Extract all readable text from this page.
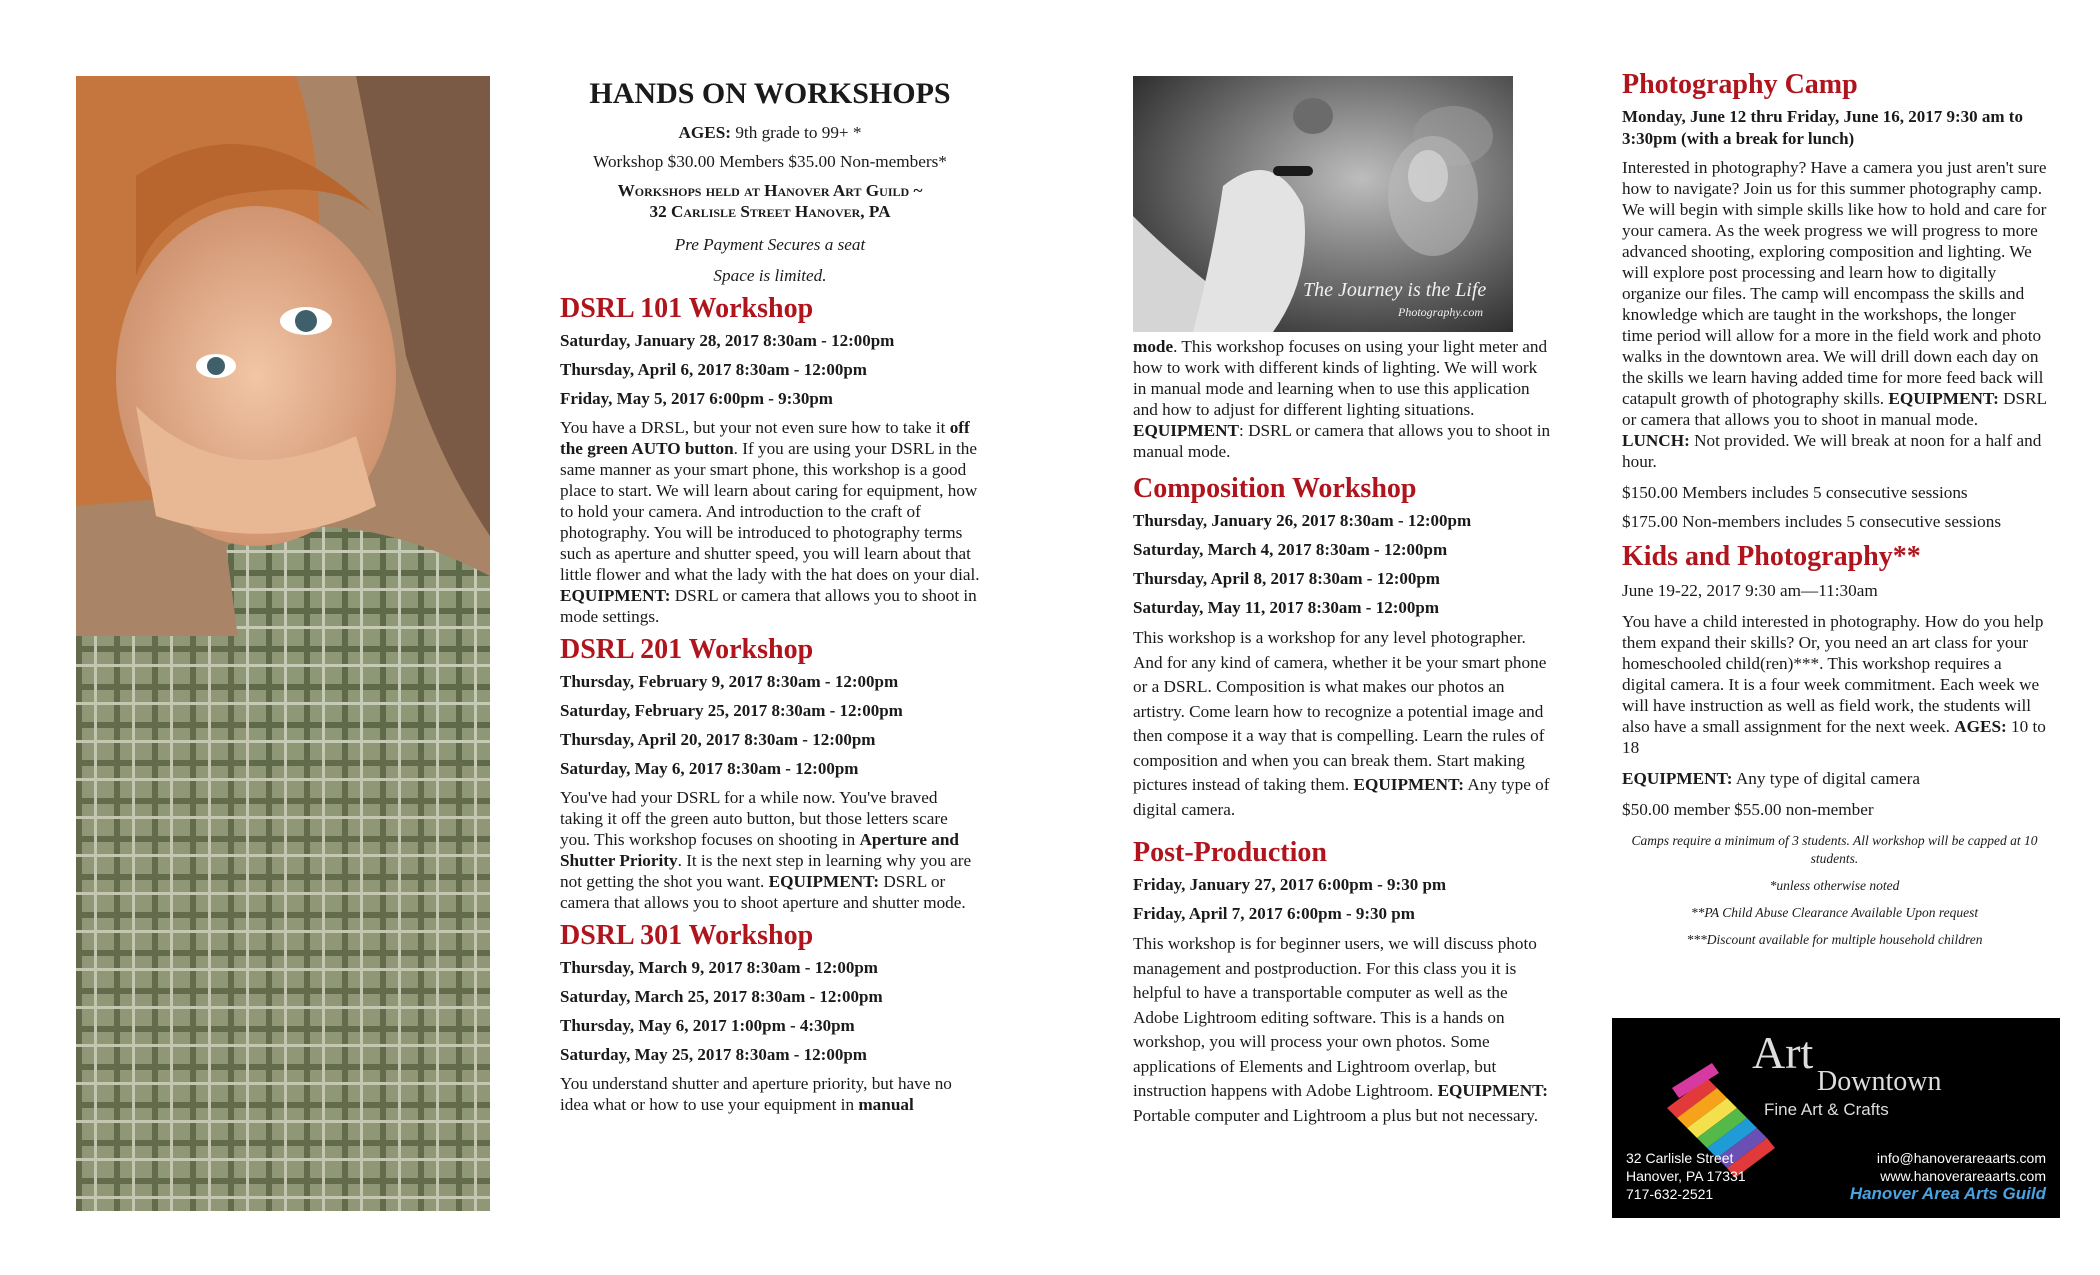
HANDS ON WORKSHOPS

AGES: 9th grade to 99+ *

Workshop $30.00 Members $35.00 Non-members*

Workshops held at Hanover Art Guild ~

32 Carlisle Street Hanover, PA

Pre Payment Secures a seat

Space is limited.

DSRL 101 Workshop
Saturday, January 28, 2017 8:30am - 12:00pm
Thursday, April 6, 2017 8:30am - 12:00pm
Friday, May 5, 2017 6:00pm - 9:30pm
You have a DRSL, but your not even sure how to take it off the green AUTO button. If you are using your DSRL in the same manner as your smart phone, this workshop is a good place to start. We will learn about caring for equipment, how to hold your camera. And introduction to the craft of photography. You will be introduced to photography terms such as aperture and shutter speed, you will learn about that little flower and what the lady with the hat does on your dial. EQUIPMENT: DSRL or camera that allows you to shoot in mode settings.
DSRL 201 Workshop
Thursday, February 9, 2017 8:30am - 12:00pm
Saturday, February 25, 2017 8:30am - 12:00pm
Thursday, April 20, 2017 8:30am - 12:00pm
Saturday, May 6, 2017 8:30am - 12:00pm
You've had your DSRL for a while now. You've braved taking it off the green auto button, but those letters scare you. This workshop focuses on shooting in Aperture and Shutter Priority. It is the next step in learning why you are not getting the shot you want. EQUIPMENT: DSRL or camera that allows you to shoot aperture and shutter mode.
DSRL 301 Workshop
Thursday, March 9, 2017 8:30am - 12:00pm
Saturday, March 25, 2017 8:30am - 12:00pm
Thursday, May 6, 2017 1:00pm - 4:30pm
Saturday, May 25, 2017 8:30am - 12:00pm
You understand shutter and aperture priority, but have no idea what or how to use your equipment in manual
The Journey is the Life
Photography.com
mode. This workshop focuses on using your light meter and how to work with different kinds of lighting. We will work in manual mode and learning when to use this application and how to adjust for different lighting situations. EQUIPMENT: DSRL or camera that allows you to shoot in manual mode.
Composition Workshop
Thursday, January 26, 2017 8:30am - 12:00pm
Saturday, March 4, 2017 8:30am - 12:00pm
Thursday, April 8, 2017 8:30am - 12:00pm
Saturday, May 11, 2017 8:30am - 12:00pm
This workshop is a workshop for any level photographer. And for any kind of camera, whether it be your smart phone or a DSRL. Composition is what makes our photos an artistry. Come learn how to recognize a potential image and then compose it a way that is compelling. Learn the rules of composition and when you can break them. Start making pictures instead of taking them. EQUIPMENT: Any type of digital camera.
Post-Production
Friday, January 27, 2017 6:00pm - 9:30 pm
Friday, April 7, 2017 6:00pm - 9:30 pm
This workshop is for beginner users, we will discuss photo management and postproduction. For this class you it is helpful to have a transportable computer as well as the Adobe Lightroom editing software. This is a hands on workshop, you will process your own photos. Some applications of Elements and Lightroom overlap, but instruction happens with Adobe Lightroom. EQUIPMENT: Portable computer and Lightroom a plus but not necessary.
Photography Camp
Monday, June 12 thru Friday, June 16, 2017 9:30 am to 3:30pm (with a break for lunch)
Interested in photography? Have a camera you just aren't sure how to navigate? Join us for this summer photography camp. We will begin with simple skills like how to hold and care for your camera. As the week progress we will progress to more advanced shooting, exploring composition and lighting. We will explore post processing and learn how to digitally organize our files. The camp will encompass the skills and knowledge which are taught in the workshops, the longer time period will allow for a more in the field work and photo walks in the downtown area. We will drill down each day on the skills we learn having added time for more feed back will catapult growth of photography skills. EQUIPMENT: DSRL or camera that allows you to shoot in manual mode. LUNCH: Not provided. We will break at noon for a half and hour.

$150.00 Members includes 5 consecutive sessions

$175.00 Non-members includes 5 consecutive sessions

Kids and Photography**

June 19-22, 2017 9:30 am—11:30am

You have a child interested in photography. How do you help them expand their skills? Or, you need an art class for your homeschooled child(ren)***. This workshop requires a digital camera. It is a four week commitment. Each week we will have instruction as well as field work, the students will also have a small assignment for the next week. AGES: 10 to 18

EQUIPMENT: Any type of digital camera

$50.00 member $55.00 non-member

Camps require a minimum of 3 students. All workshop will be capped at 10 students.

*unless otherwise noted

**PA Child Abuse Clearance Available Upon request

***Discount available for multiple household children

Art
Downtown
Fine Art & Crafts
32 Carlisle Street
Hanover, PA 17331
717-632-2521
info@hanoverareaarts.com
www.hanoverareaarts.com
Hanover Area Arts Guild
